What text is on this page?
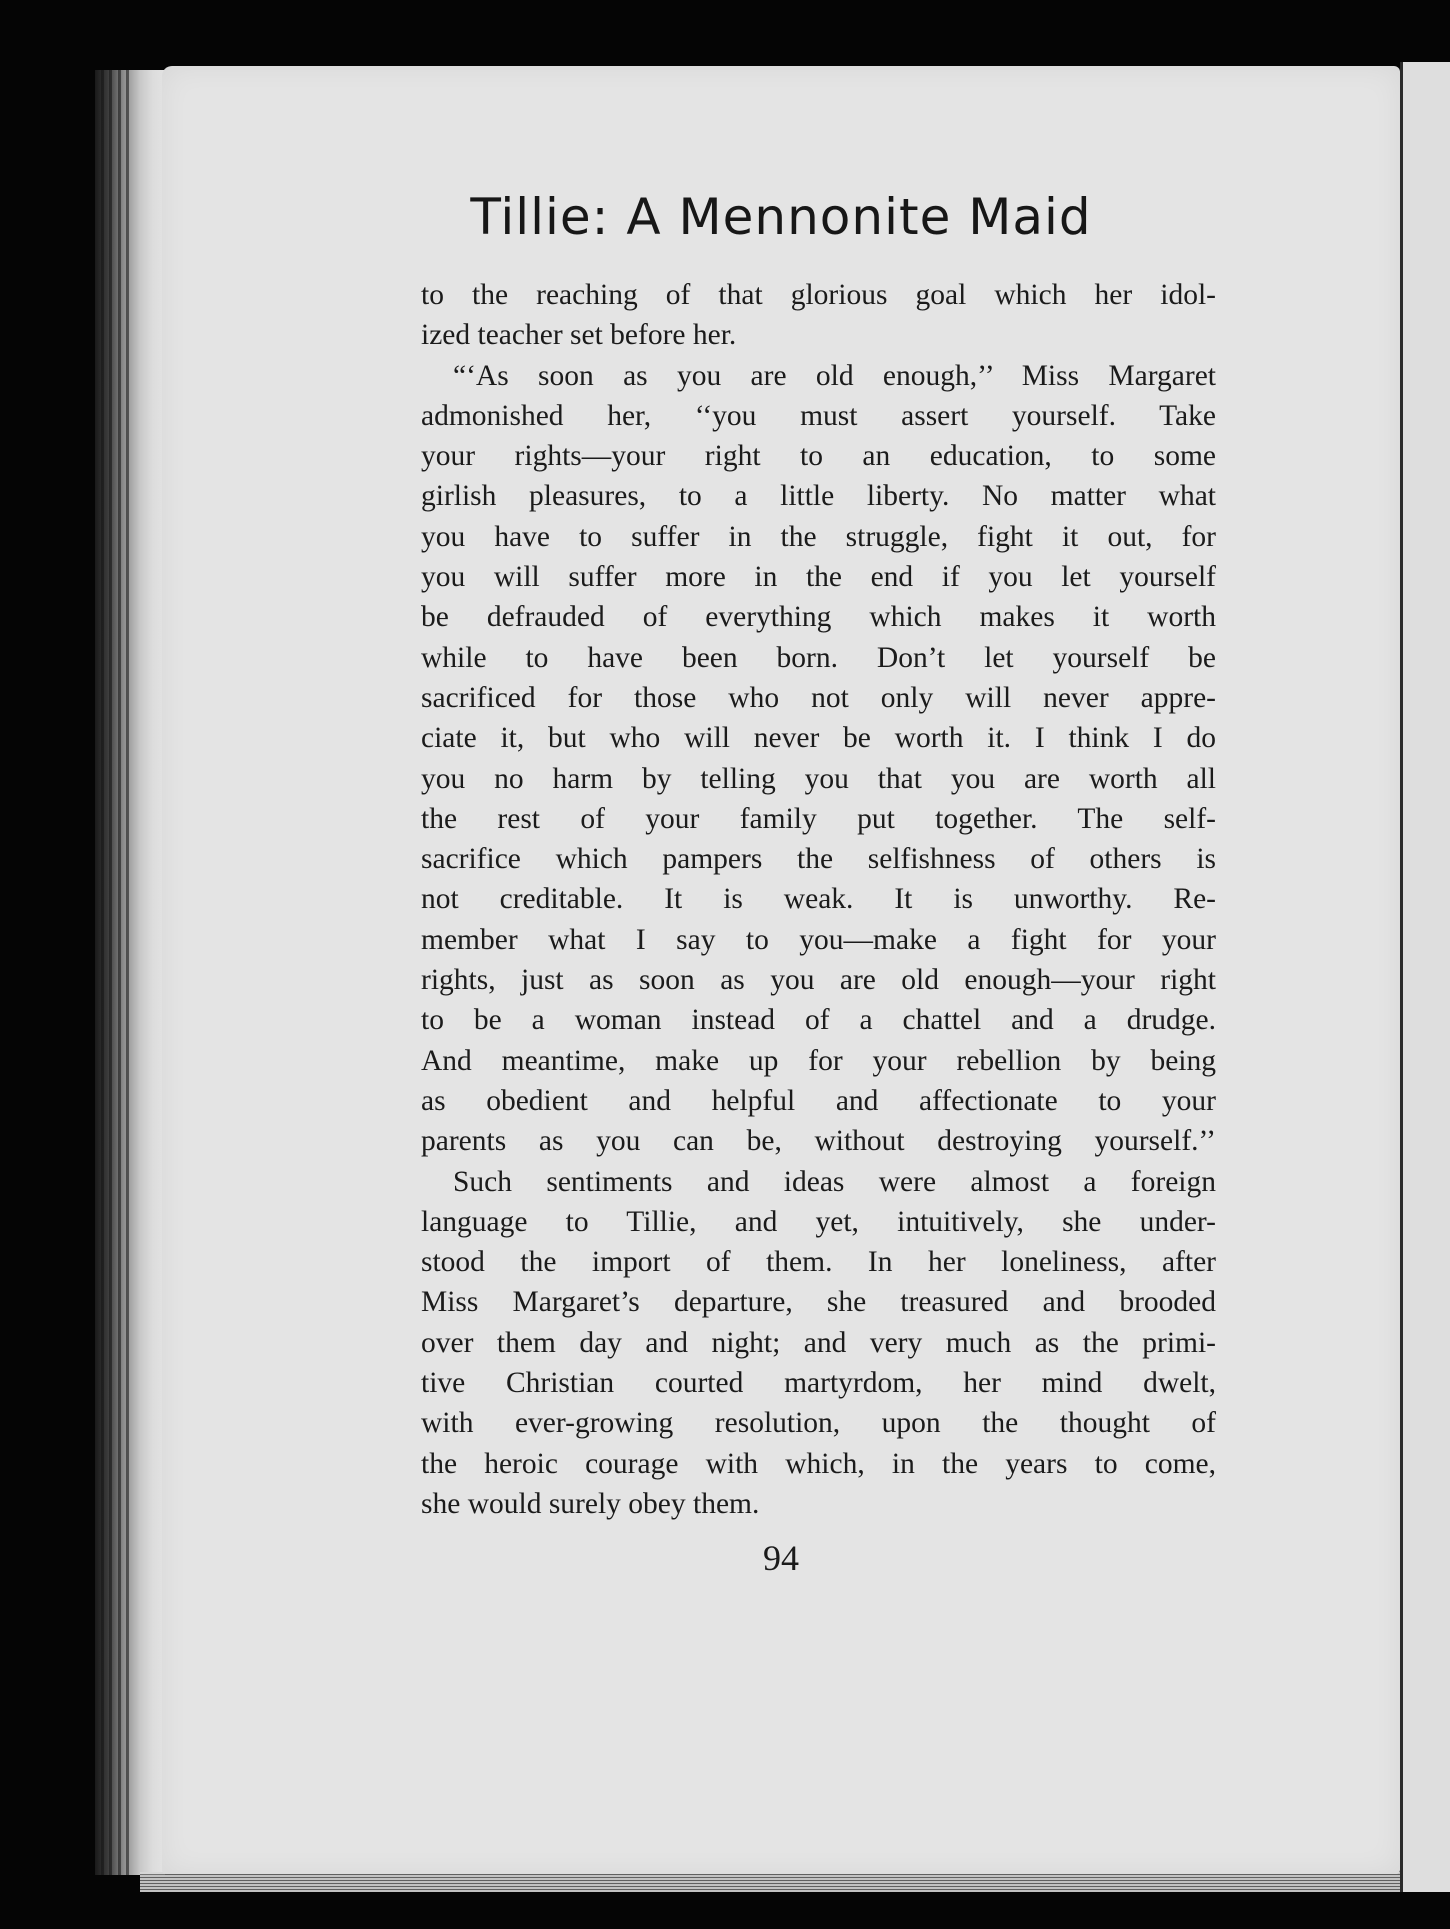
Tillie: A Mennonite Maid
to the reaching of that glorious goal which her idol-
ized teacher set before her.
“‘As soon as you are old enough,’’ Miss Margaret
admonished her, ‘‘you must assert yourself. Take
your rights—your right to an education, to some
girlish pleasures, to a little liberty. No matter what
you have to suffer in the struggle, fight it out, for
you will suffer more in the end if you let yourself
be defrauded of everything which makes it worth
while to have been born. Don’t let yourself be
sacrificed for those who not only will never appre-
ciate it, but who will never be worth it. I think I do
you no harm by telling you that you are worth all
the rest of your family put together. The self-
sacrifice which pampers the selfishness of others is
not creditable. It is weak. It is unworthy. Re-
member what I say to you—make a fight for your
rights, just as soon as you are old enough—your right
to be a woman instead of a chattel and a drudge.
And meantime, make up for your rebellion by being
as obedient and helpful and affectionate to your
parents as you can be, without destroying yourself.’’
Such sentiments and ideas were almost a foreign
language to Tillie, and yet, intuitively, she under-
stood the import of them. In her loneliness, after
Miss Margaret’s departure, she treasured and brooded
over them day and night; and very much as the primi-
tive Christian courted martyrdom, her mind dwelt,
with ever-growing resolution, upon the thought of
the heroic courage with which, in the years to come,
she would surely obey them.
94
